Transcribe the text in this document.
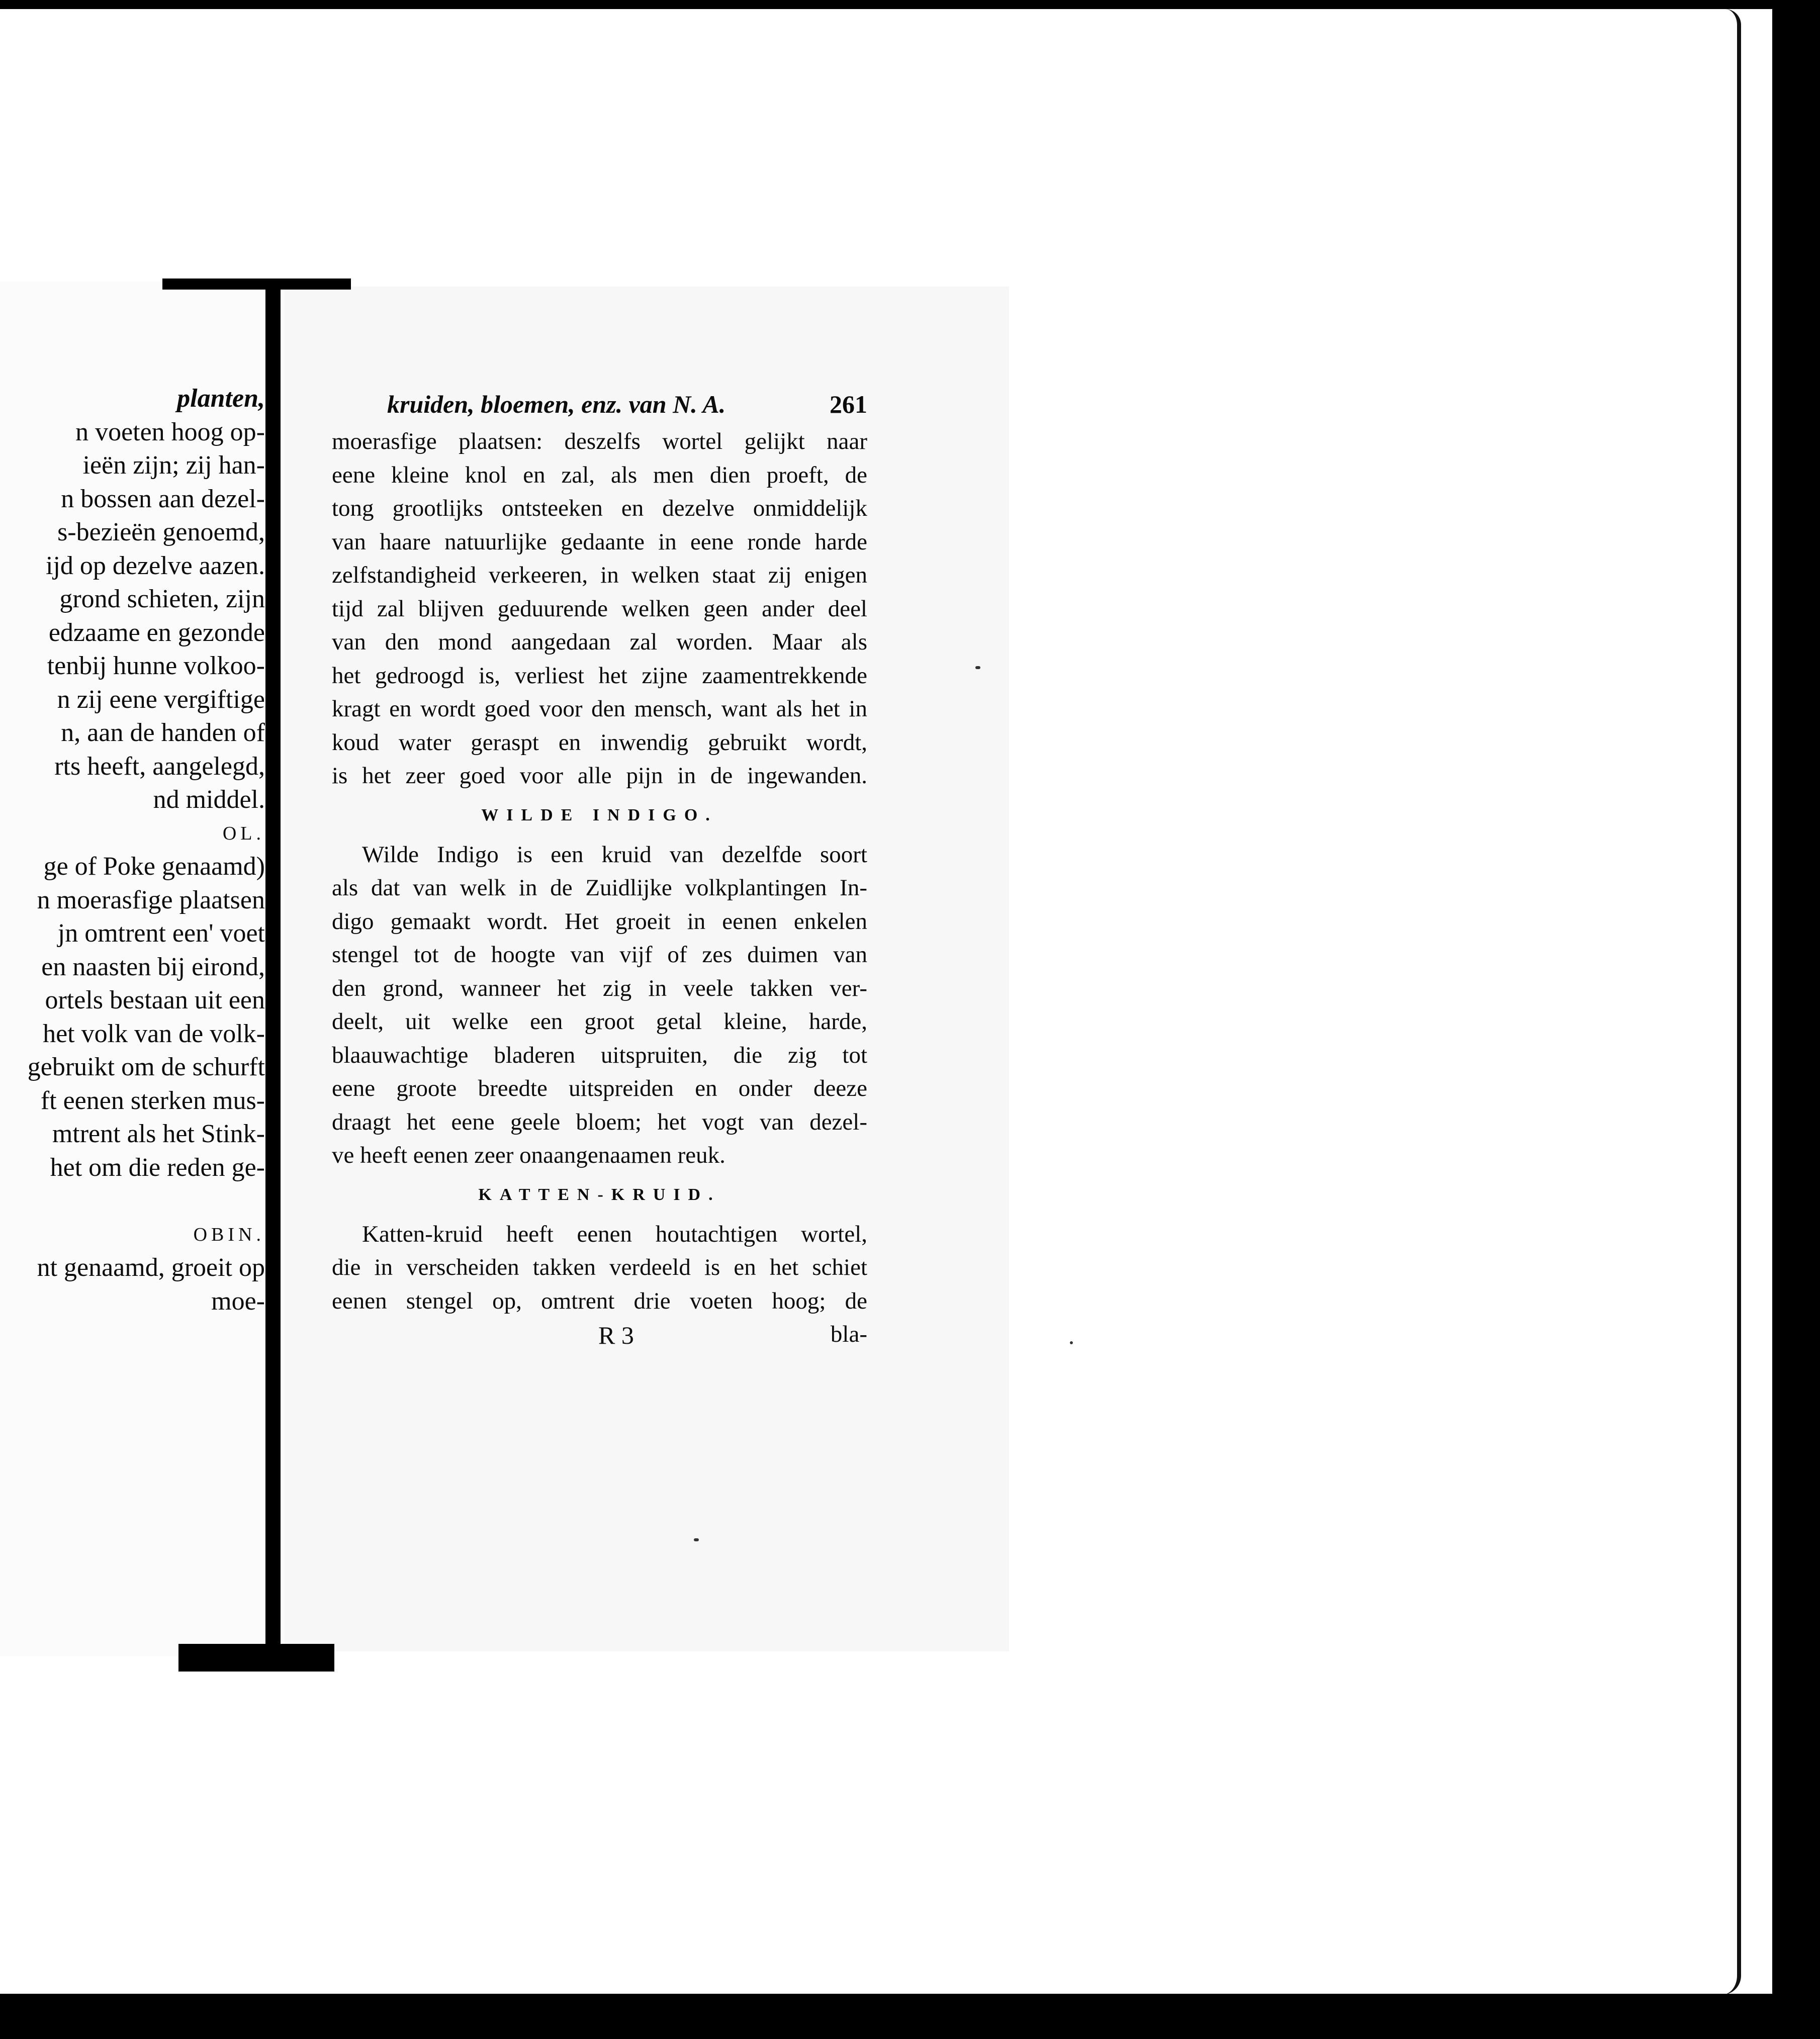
planten,
n voeten hoog op-
ieën zijn; zij han-
n bossen aan dezel-
s-bezieën genoemd,
ijd op dezelve aazen.
grond schieten, zijn
edzaame en gezonde
tenbij hunne volkoo-
n zij eene vergiftige
n, aan de handen of
rts heeft, aangelegd,
nd middel.
OL.
ge of Poke genaamd)
n moerasfige plaatsen
jn omtrent een' voet
en naasten bij eirond,
ortels bestaan uit een
het volk van de volk-
gebruikt om de schurft
ft eenen sterken mus-
mtrent als het Stink-
het om die reden ge-
OBIN.
nt genaamd, groeit op
moe-
kruiden, bloemen, enz. van N. A.	261
moerasfige plaatsen: deszelfs wortel gelijkt naar
eene kleine knol en zal, als men dien proeft, de
tong grootlijks ontsteeken en dezelve onmiddelijk
van haare natuurlijke gedaante in eene ronde harde
zelfstandigheid verkeeren, in welken staat zij enigen
tijd zal blijven geduurende welken geen ander deel
van den mond aangedaan zal worden. Maar als
het gedroogd is, verliest het zijne zaamentrekkende
kragt en wordt goed voor den mensch, want als het in
koud water geraspt en inwendig gebruikt wordt,
is het zeer goed voor alle pijn in de ingewanden.
WILDE INDIGO.
Wilde Indigo is een kruid van dezelfde soort
als dat van welk in de Zuidlijke volkplantingen In-
digo gemaakt wordt. Het groeit in eenen enkelen
stengel tot de hoogte van vijf of zes duimen van
den grond, wanneer het zig in veele takken ver-
deelt, uit welke een groot getal kleine, harde,
blaauwachtige bladeren uitspruiten, die zig tot
eene groote breedte uitspreiden en onder deeze
draagt het eene geele bloem; het vogt van dezel-
ve heeft eenen zeer onaangenaamen reuk.
KATTEN-KRUID.
Katten-kruid heeft eenen houtachtigen wortel,
die in verscheiden takken verdeeld is en het schiet
eenen stengel op, omtrent drie voeten hoog; de
R 3	bla-
